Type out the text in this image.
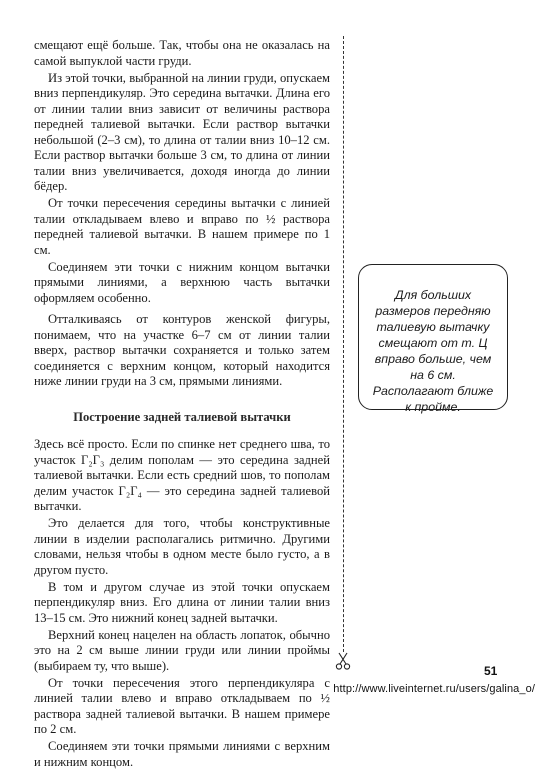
смещают ещё больше. Так, чтобы она не оказалась на самой выпуклой части груди.

Из этой точки, выбранной на линии груди, опускаем вниз перпендикуляр. Это середина вытачки. Длина его от линии талии вниз зависит от величины раствора передней талиевой вытачки. Если раствор вытачки небольшой (2–3 см), то длина от талии вниз 10–12 см. Если раствор вытачки больше 3 см, то длина от линии талии вниз увеличивается, доходя иногда до линии бёдер.

От точки пересечения середины вытачки с линией талии откладываем влево и вправо по ½ раствора передней талиевой вытачки. В нашем примере по 1 см.

Соединяем эти точки с нижним концом вытачки прямыми линиями, а верхнюю часть вытачки оформляем особенно.

Отталкиваясь от контуров женской фигуры, понимаем, что на участке 6–7 см от линии талии вверх, раствор вытачки сохраняется и только затем соединяется с верхним концом, который находится ниже линии груди на 3 см, прямыми линиями.

Построение задней талиевой вытачки

Здесь всё просто. Если по спинке нет среднего шва, то участок Г₂Г₃ делим пополам — это середина задней талиевой вытачки. Если есть средний шов, то пополам делим участок Г₂Г₄ — это середина задней талиевой вытачки.

Это делается для того, чтобы конструктивные линии в изделии располагались ритмично. Другими словами, нельзя чтобы в одном месте было густо, а в другом пусто.

В том и другом случае из этой точки опускаем перпендикуляр вниз. Его длина от линии талии вниз 13–15 см. Это нижний конец задней вытачки.

Верхний конец нацелен на область лопаток, обычно это на 2 см выше линии груди или линии проймы (выбираем ту, что выше).

От точки пересечения этого перпендикуляра с линией талии влево и вправо откладываем по ½ раствора задней талиевой вытачки. В нашем примере по 2 см.

Соединяем эти точки прямыми линиями с верхним и нижним концом.

Для больших размеров передняю талиевую вытачку смещают от т. Ц вправо больше, чем на 6 см. Располагают ближе к пройме.
51
http://www.liveinternet.ru/users/galina_o/
